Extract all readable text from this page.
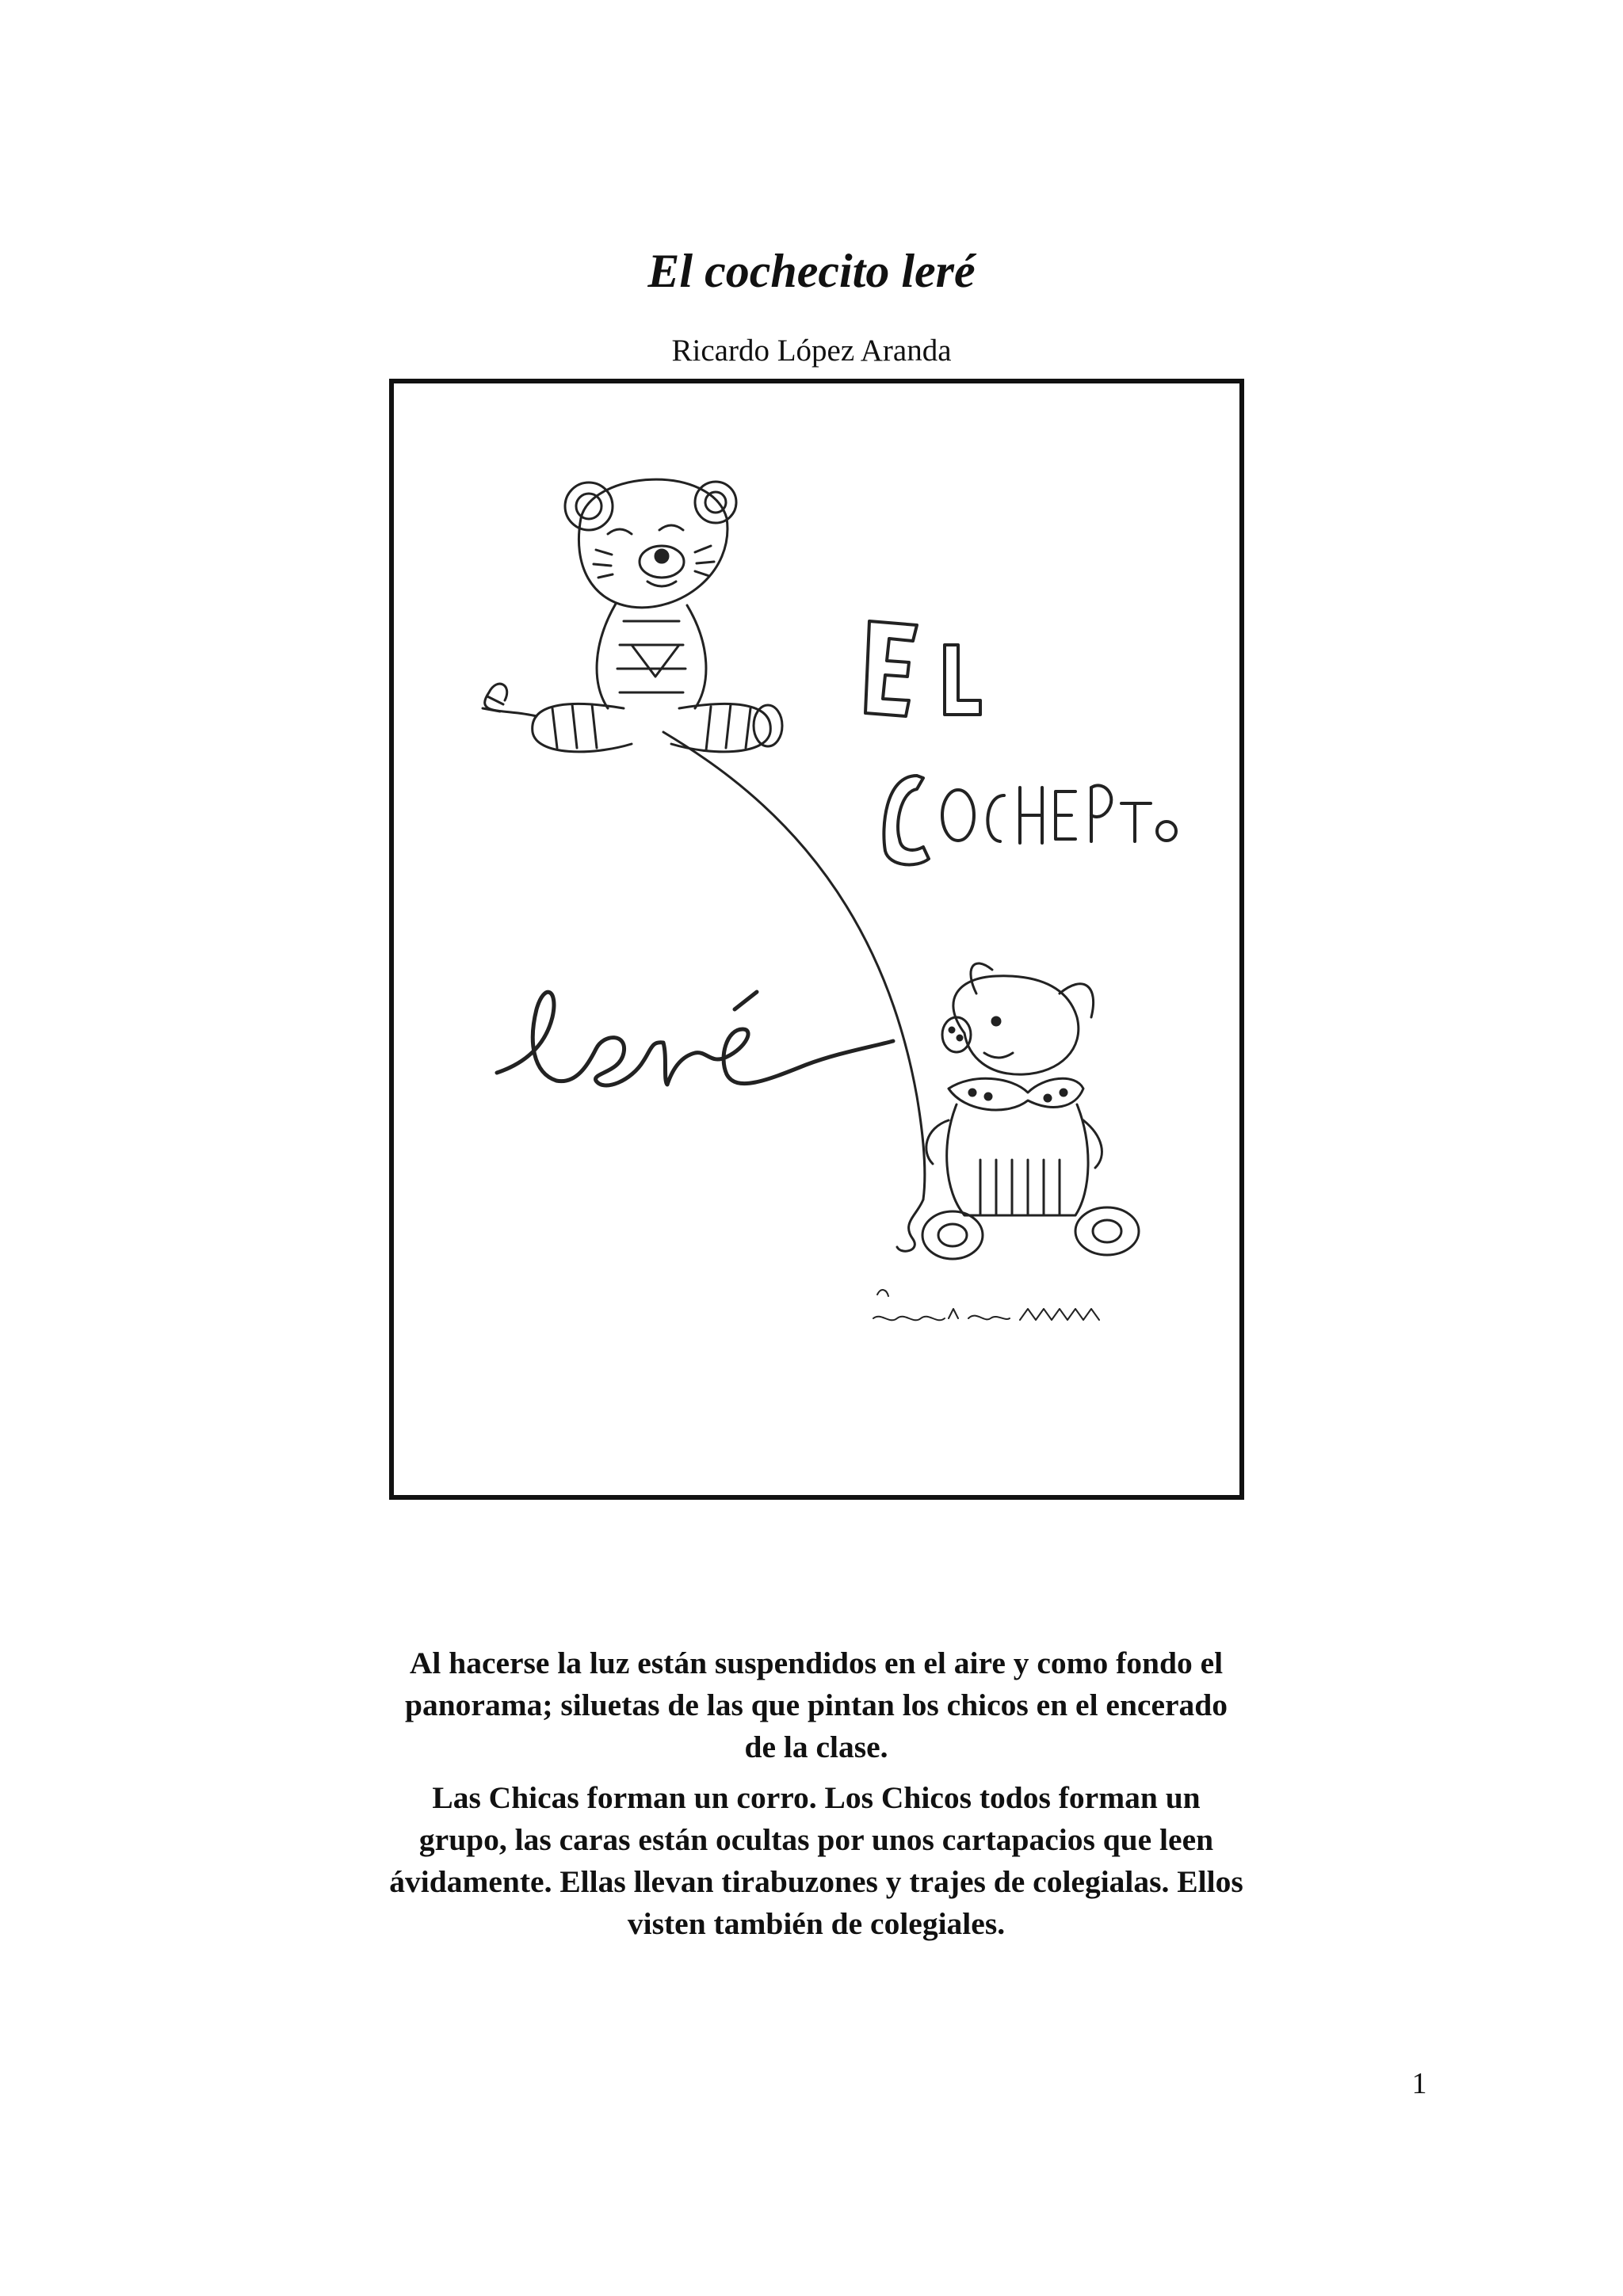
El cochecito leré

Ricardo López Aranda

Al hacerse la luz están suspendidos en el aire y como fondo el panorama; siluetas de las que pintan los chicos en el encerado de la clase.

Las Chicas forman un corro. Los Chicos todos forman un grupo, las caras están ocultas por unos cartapacios que leen ávidamente. Ellas llevan tirabuzones y trajes de colegialas. Ellos visten también de colegiales.

1
